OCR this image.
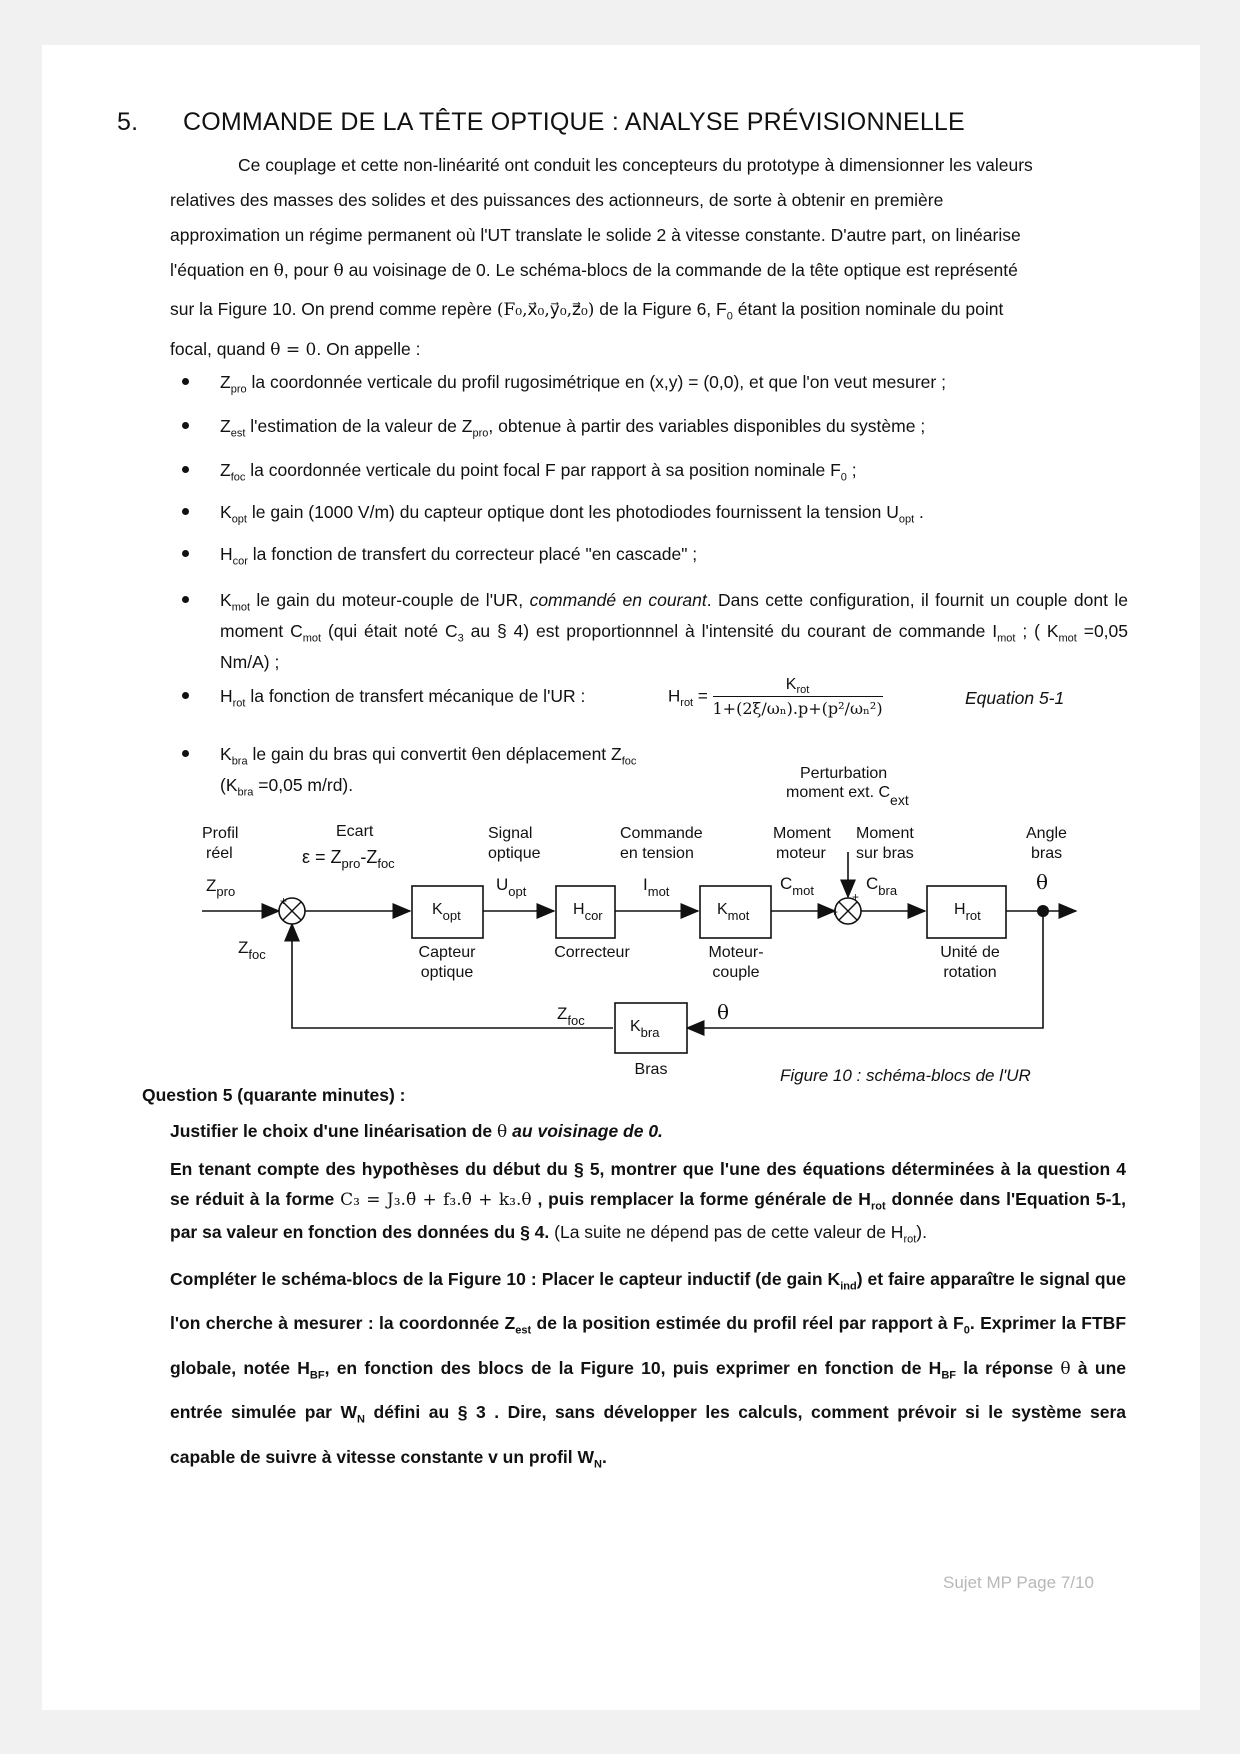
5. COMMANDE DE LA TÊTE OPTIQUE : ANALYSE PRÉVISIONNELLE

Ce couplage et cette non-linéarité ont conduit les concepteurs du prototype à dimensionner les valeurs

relatives des masses des solides et des puissances des actionneurs, de sorte à obtenir en première

approximation un régime permanent où l'UT translate le solide 2 à vitesse constante. D'autre part, on linéarise

l'équation en θ, pour θ au voisinage de 0. Le schéma-blocs de la commande de la tête optique est représenté

sur la Figure 10. On prend comme repère (F₀,x⃗₀,y⃗₀,z⃗₀) de la Figure 6, $F_0$ étant la position nominale du point

focal, quand θ = 0. On appelle :

$Z_{pro}$ la coordonnée verticale du profil rugosimétrique en (x,y) = (0,0), et que l'on veut mesurer ;
$Z_{est}$ l'estimation de la valeur de $Z_{pro}$, obtenue à partir des variables disponibles du système ;
$Z_{foc}$ la coordonnée verticale du point focal F par rapport à sa position nominale $F_0$ ;
$K_{opt}$ le gain (1000 V/m) du capteur optique dont les photodiodes fournissent la tension $U_{opt}$ .
$H_{cor}$ la fonction de transfert du correcteur placé "en cascade" ;
$K_{mot}$ le gain du moteur-couple de l'UR, commandé en courant. Dans cette configuration, il fournit un couple dont le moment $C_{mot}$ (qui était noté $C_3$ au § 4) est proportionnnel à l'intensité du courant de commande $I_{mot}$ ; ( $K_{mot} =0,05$ Nm/A) ;
$H_{rot}$ la fonction de transfert mécanique de l'UR :
$K_{bra}$ le gain du bras qui convertit θen déplacement $Z_{foc}$
($K_{bra} =0,05$ m/rd).
$H_{rot} = \frac{K_{rot}}{\text{1+(2ξ/ωₙ).p+(p²/ωₙ²)}}$	Equation 5-1
+
-
+
+
$K_{opt}$	$H_{cor}$	$K_{mot}$	$H_{rot}$
$K_{bra}$
Capteur
optique
Correcteur	Moteur-
couple
Unité de
rotation
Bras
Profil
réel
$Z_{pro}$
Ecart
$\varepsilon = Z_{pro}-Z_{foc}$
Signal
optique
$U_{opt}$
Commande
en tension
$I_{mot}$
Perturbation
moment ext. Cext
Moment
moteur
$C_{mot}$
Moment
sur bras
$C_{bra}$
Angle
bras
θ
$Z_{foc}$
$Z_{foc}$	θ
Figure 10 : schéma-blocs de l'UR
Question 5 (quarante minutes) :

Justifier le choix d'une linéarisation de θ au voisinage de 0.

En tenant compte des hypothèses du début du § 5, montrer que l'une des équations déterminées à la question 4 se réduit à la forme C₃ = J₃.θ̈ + f₃.θ̇ + k₃.θ , puis remplacer la forme générale de $H_{rot}$ donnée dans l'Equation 5-1, par sa valeur en fonction des données du § 4. (La suite ne dépend pas de cette valeur de $H_{rot}$).

Compléter le schéma-blocs de la Figure 10 : Placer le capteur inductif (de gain $K_{ind}$) et faire apparaître le signal que l'on cherche à mesurer : la coordonnée $Z_{est}$ de la position estimée du profil réel par rapport à $F_0$. Exprimer la FTBF globale, notée $H_{BF}$, en fonction des blocs de la Figure 10, puis exprimer en fonction de $H_{BF}$ la réponse θ à une entrée simulée par $W_N$ défini au § 3 . Dire, sans développer les calculs, comment prévoir si le système sera capable de suivre à vitesse constante v un profil $W_N$.

Sujet MP Page 7/10
